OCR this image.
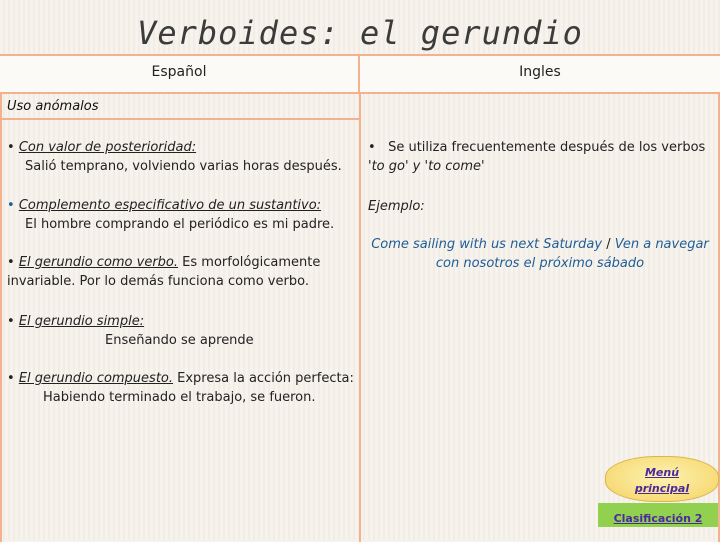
Verboides: el gerundio
Español	Ingles
Uso anómalos
• Con valor de posterioridad:
Salió temprano, volviendo varias horas después.
• Complemento especificativo de un sustantivo:
El hombre comprando el periódico es mi padre.
• El gerundio como verbo. Es morfológicamente
invariable. Por lo demás funciona como verbo.
• El gerundio simple:
Enseñando se aprende
• El gerundio compuesto. Expresa la acción perfecta:
Habiendo terminado el trabajo, se fueron.
• Se utiliza frecuentemente después de los verbos
'to go' y 'to come'
Ejemplo:
Come sailing with us next Saturday / Ven a navegar
con nosotros el próximo sábado
Menú
principal
Clasificación 2
